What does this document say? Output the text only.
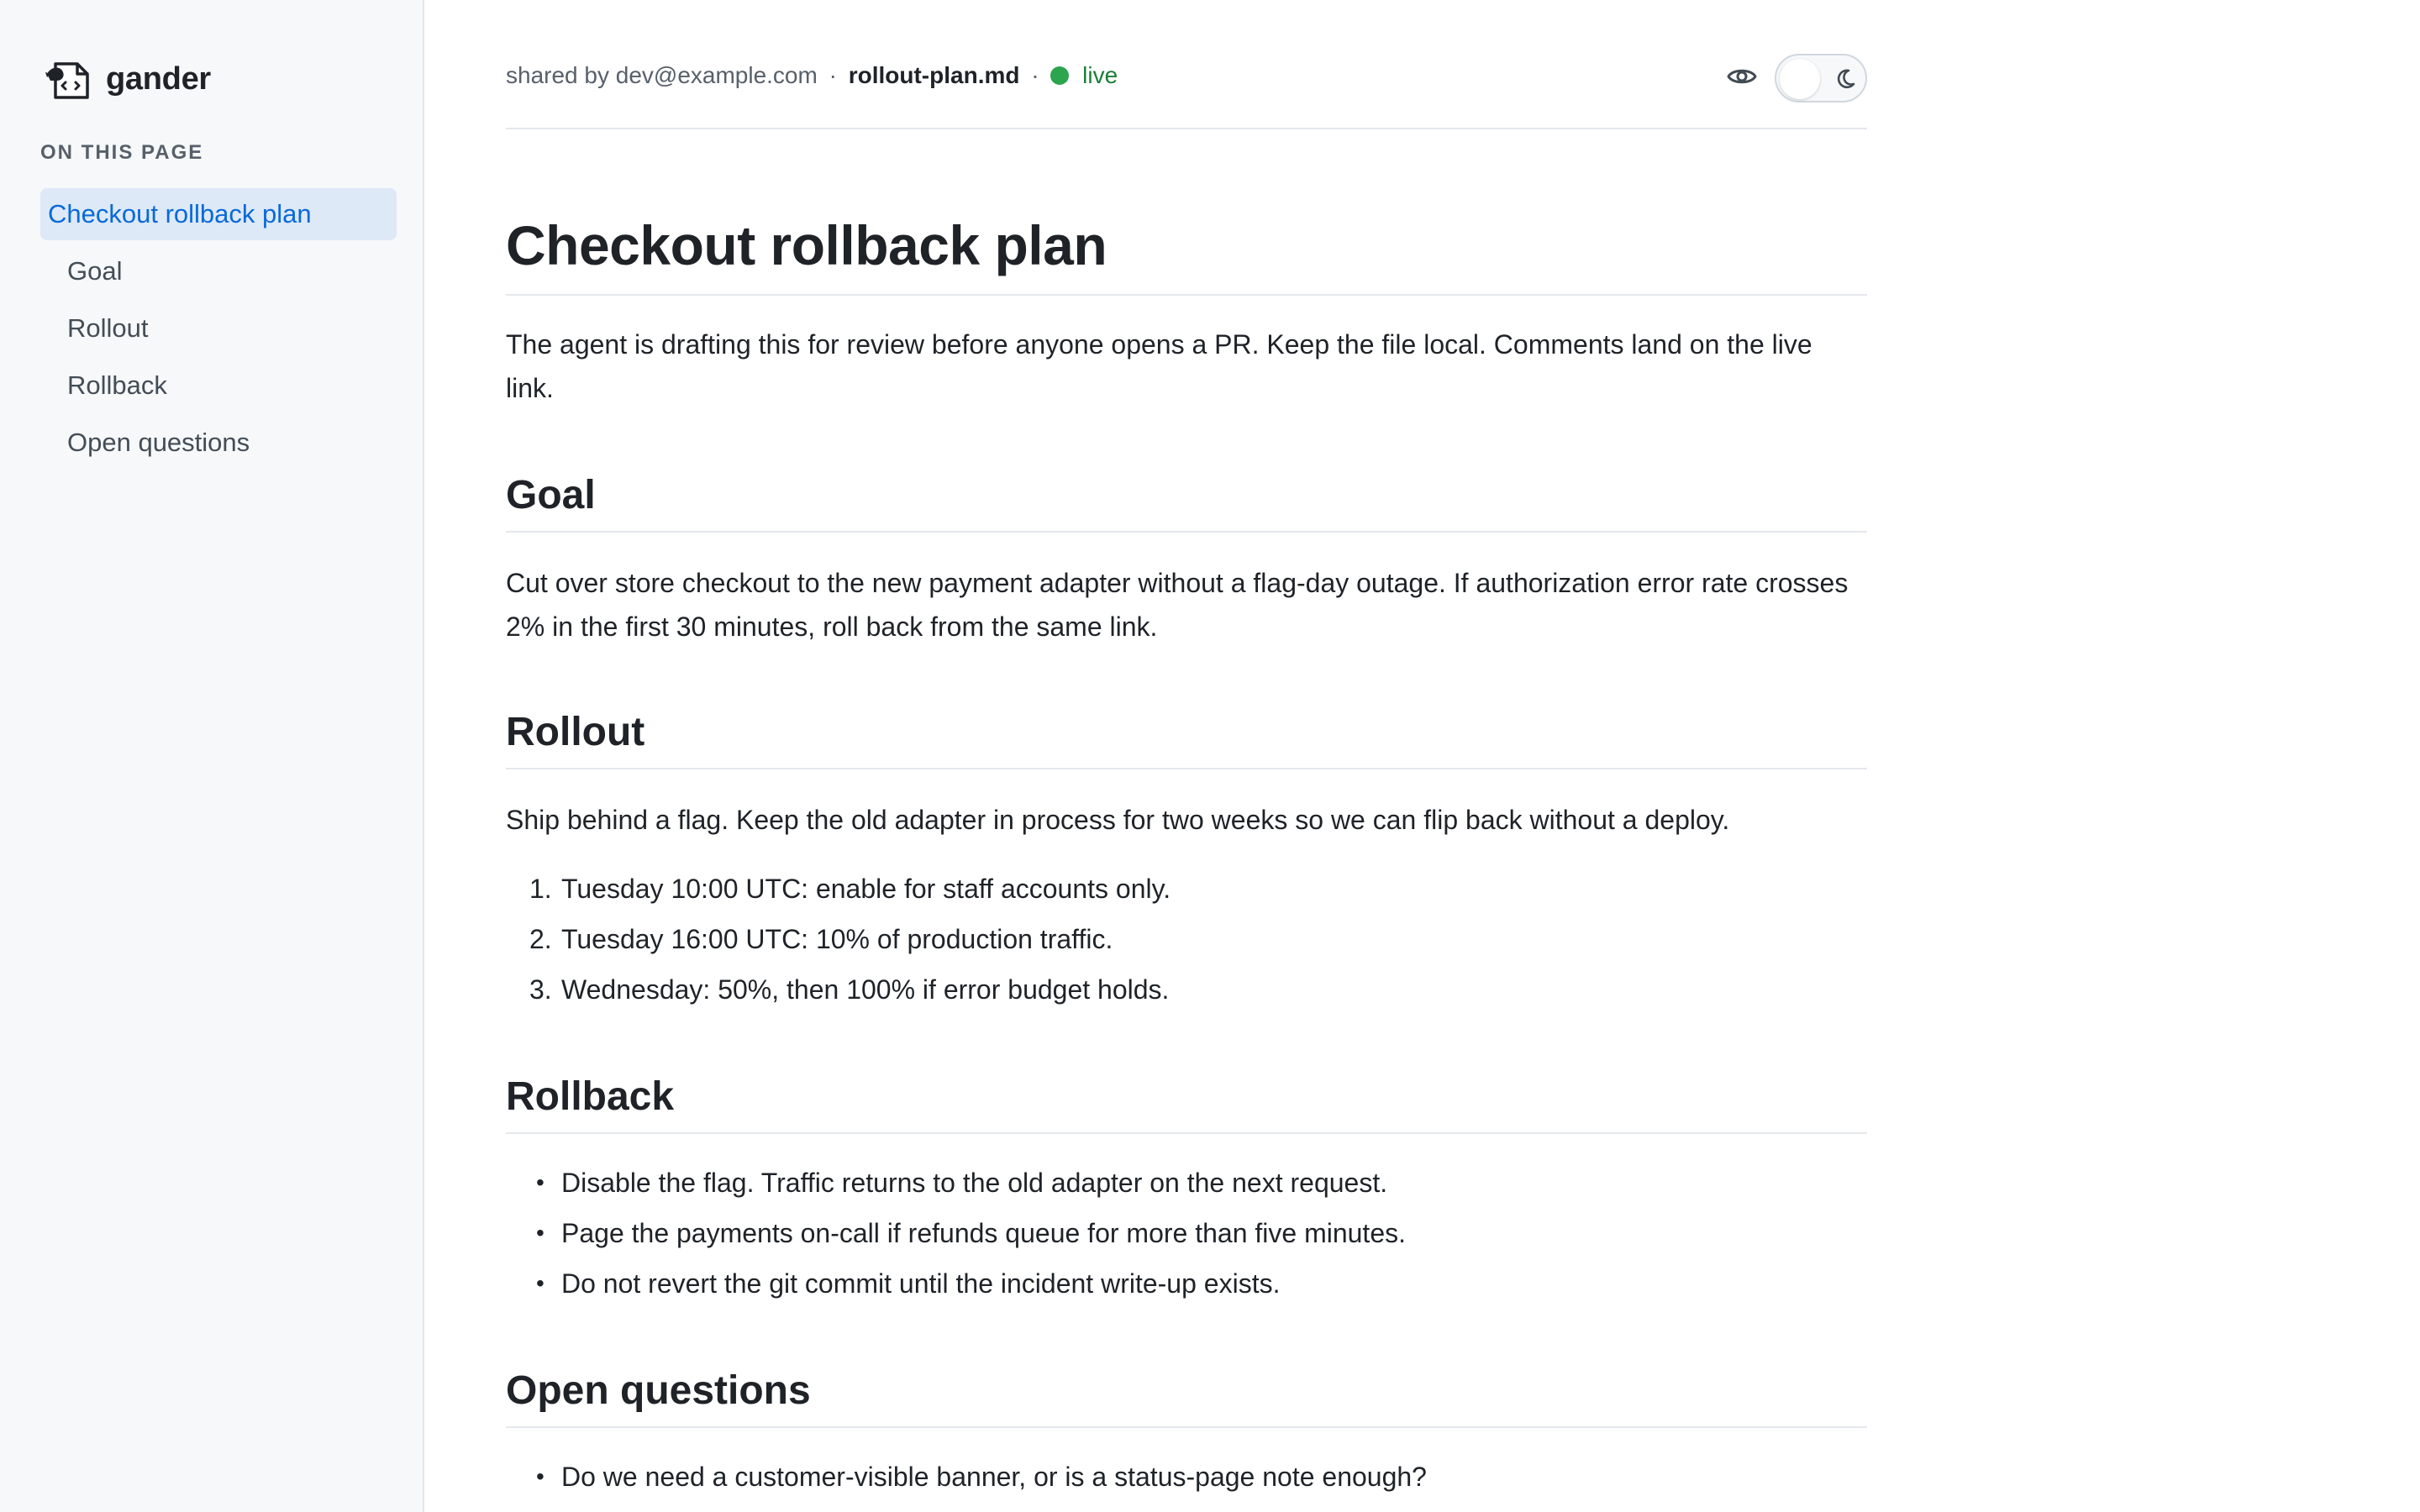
gander
ON THIS PAGE
Checkout rollback plan
Goal
Rollout
Rollback
Open questions
shared by dev@example.com · rollout-plan.md · live
Checkout rollback plan

The agent is drafting this for review before anyone opens a PR. Keep the file local. Comments land on the live link.

Goal

Cut over store checkout to the new payment adapter without a flag-day outage. If authorization error rate crosses 2% in the first 30 minutes, roll back from the same link.

Rollout

Ship behind a flag. Keep the old adapter in process for two weeks so we can flip back without a deploy.

1. Tuesday 10:00 UTC: enable for staff accounts only.
2. Tuesday 16:00 UTC: 10% of production traffic.
3. Wednesday: 50%, then 100% if error budget holds.
Rollback
• Disable the flag. Traffic returns to the old adapter on the next request.
• Page the payments on-call if refunds queue for more than five minutes.
• Do not revert the git commit until the incident write-up exists.
Open questions
• Do we need a customer-visible banner, or is a status-page note enough?
